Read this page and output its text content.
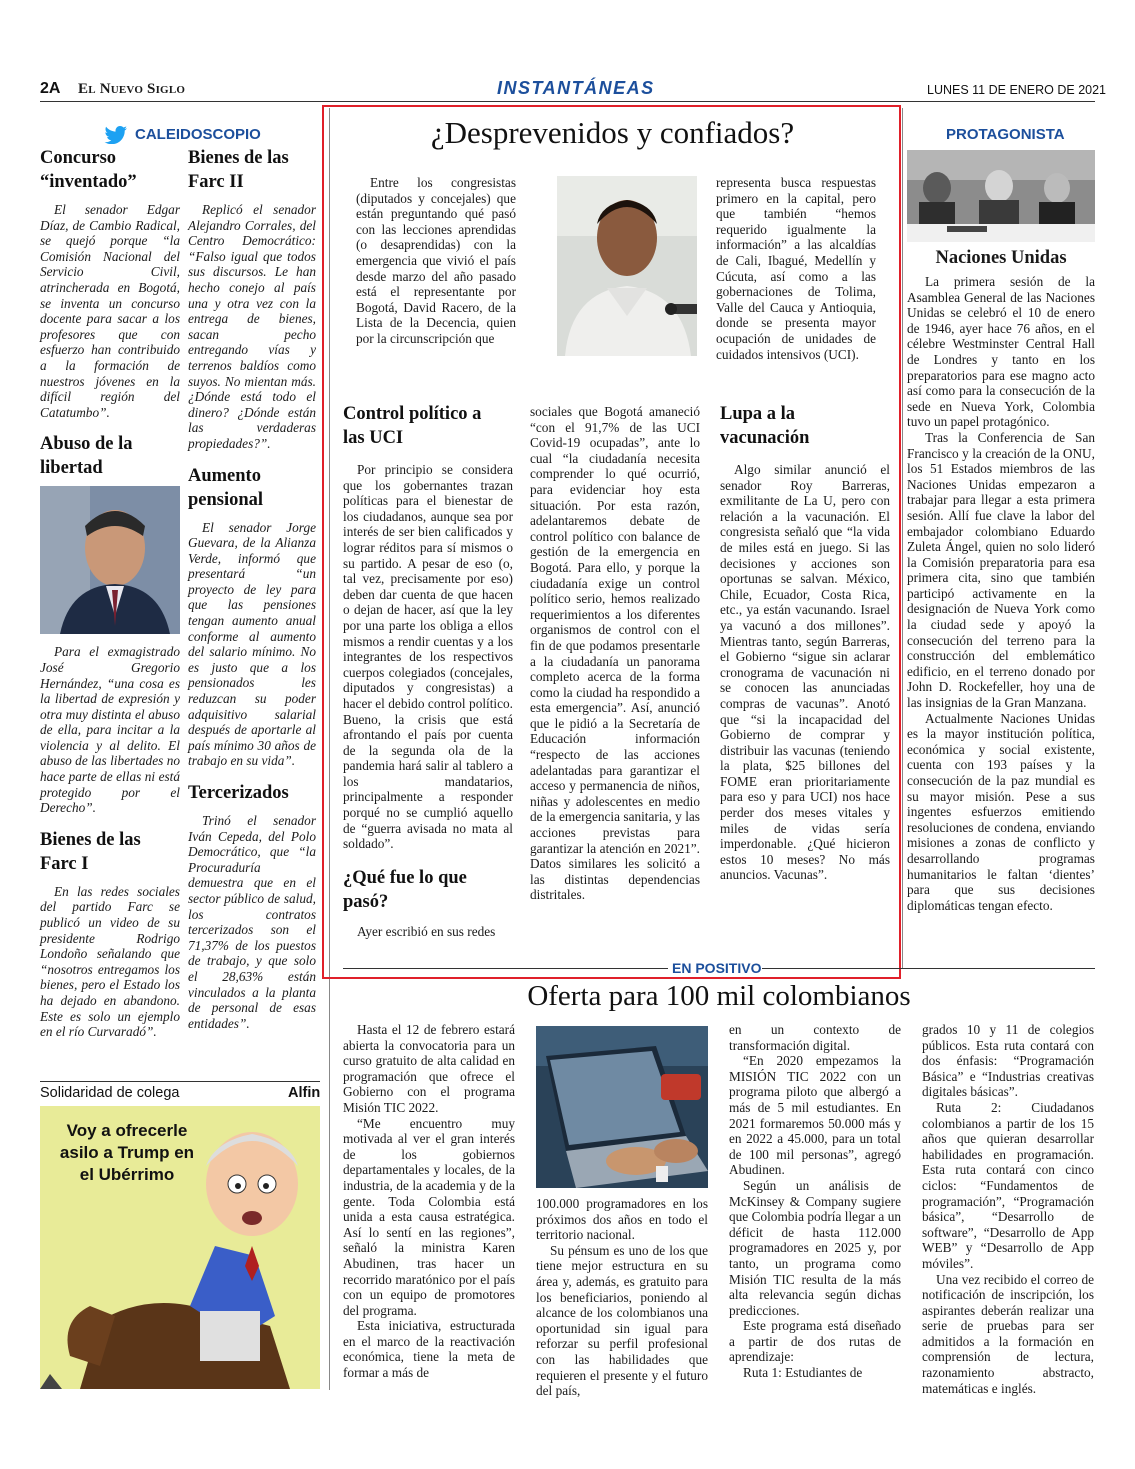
2A El Nuevo Siglo	INSTANTÁNEAS	LUNES 11 DE ENERO DE 2021
CALEIDOSCOPIO
Concurso “inventado”

El senador Edgar Díaz, de Cambio Radical, se quejó porque “la Comisión Nacional del Servicio Civil, atrincherada en Bogotá, se inventa un concurso docente para sacar a los profesores que con esfuerzo han contribuido a la formación de nuestros jóvenes en la difícil región del Catatumbo”.

Abuso de la libertad

Para el exmagistrado José Gregorio Hernández, “una cosa es la libertad de expresión y otra muy distinta el abuso de ella, para incitar a la violencia y al delito. El abuso de las libertades no hace parte de ellas ni está protegido por el Derecho”.

Bienes de las Farc I

En las redes sociales del partido Farc se publicó un video de su presidente Rodrigo Londoño señalando que “nosotros entregamos los bienes, pero el Estado los ha dejado en abandono. Este es solo un ejemplo en el río Curvaradó”.

Bienes de las Farc II

Replicó el senador Alejandro Corrales, del Centro Democrático: “Falso igual que todos sus discursos. Le han hecho conejo al país una y otra vez con la entrega de bienes, sacan pecho entregando vías y terrenos baldíos como suyos. No mientan más. ¿Dónde está todo el dinero? ¿Dónde están las verdaderas propiedades?”.

Aumento pensional

El senador Jorge Guevara, de la Alianza Verde, informó que presentará “un proyecto de ley para que las pensiones tengan aumento anual conforme al aumento del salario mínimo. No es justo que a los pensionados les reduzcan su poder adquisitivo salarial después de aportarle al país mínimo 30 años de trabajo en su vida”.

Tercerizados

Trinó el senador Iván Cepeda, del Polo Democrático, que “la Procuraduría demuestra que en el sector público de salud, los contratos tercerizados son el 71,37% de los puestos de trabajo, y que solo el 28,63% están vinculados a la planta de personal de esas entidades”.

Solidaridad de colega	Alfin
Voy a ofrecerle asilo a Trump en el Ubérrimo
¿Desprevenidos y confiados?

Entre los congresistas (diputados y concejales) que están preguntando qué pasó con las lecciones aprendidas (o desaprendidas) con la emergencia que vivió el país desde marzo del año pasado está el representante por Bogotá, David Racero, de la Lista de la Decencia, quien por la circunscripción que

representa busca respuestas primero en la capital, pero que también “hemos requerido igualmente la información” a las alcaldías de Cali, Ibagué, Medellín y Cúcuta, así como a las gobernaciones de Tolima, Valle del Cauca y Antioquia, donde se presenta mayor ocupación de unidades de cuidados intensivos (UCI).

Control político a las UCI

Por principio se considera que los gobernantes trazan políticas para el bienestar de los ciudadanos, aunque sea por interés de ser bien calificados y lograr réditos para sí mismos o su partido. A pesar de eso (o, tal vez, precisamente por eso) deben dar cuenta de que hacen o dejan de hacer, así que la ley por una parte los obliga a ellos mismos a rendir cuentas y a los integrantes de los respectivos cuerpos colegiados (concejales, diputados y congresistas) a hacer el debido control político. Bueno, la crisis que está afrontando el país por cuenta de la segunda ola de la pandemia hará salir al tablero a los mandatarios, principalmente a responder porqué no se cumplió aquello de “guerra avisada no mata al soldado”.

¿Qué fue lo que pasó?

Ayer escribió en sus redes

sociales que Bogotá amaneció “con el 91,7% de las UCI Covid-19 ocupadas”, ante lo cual “la ciudadanía necesita comprender lo qué ocurrió, para evidenciar hoy esta situación. Por esta razón, adelantaremos debate de control político con balance de gestión de la emergencia en Bogotá. Para ello, y porque la ciudadanía exige un control político serio, hemos realizado requerimientos a los diferentes organismos de control con el fin de que podamos presentarle a la ciudadanía un panorama completo acerca de la forma como la ciudad ha respondido a esta emergencia”. Así, anunció que le pidió a la Secretaría de Educación información “respecto de las acciones adelantadas para garantizar el acceso y permanencia de niños, niñas y adolescentes en medio de la emergencia sanitaria, y las acciones previstas para garantizar la atención en 2021”. Datos similares les solicitó a las distintas dependencias distritales.

Lupa a la vacunación

Algo similar anunció el senador Roy Barreras, exmilitante de La U, pero con relación a la vacunación. El congresista señaló que “la vida de miles está en juego. Si las decisiones y acciones son oportunas se salvan. México, Chile, Ecuador, Costa Rica, etc., ya están vacunando. Israel ya vacunó a dos millones”. Mientras tanto, según Barreras, el Gobierno “sigue sin aclarar cronograma de vacunación ni se conocen las anunciadas compras de vacunas”. Anotó que “si la incapacidad del Gobierno de comprar y distribuir las vacunas (teniendo la plata, $25 billones del FOME eran prioritariamente para eso y para UCI) nos hace perder dos meses vitales y miles de vidas sería imperdonable. ¿Qué hicieron estos 10 meses? No más anuncios. Vacunas”.

PROTAGONISTA
Naciones Unidas

La primera sesión de la Asamblea General de las Naciones Unidas se celebró el 10 de enero de 1946, ayer hace 76 años, en el célebre Westminster Central Hall de Londres y tanto en los preparatorios para ese magno acto así como para la consecución de la sede en Nueva York, Colombia tuvo un papel protagónico.

Tras la Conferencia de San Francisco y la creación de la ONU, los 51 Estados miembros de las Naciones Unidas empezaron a trabajar para llegar a esta primera sesión. Allí fue clave la labor del embajador colombiano Eduardo Zuleta Ángel, quien no solo lideró la Comisión preparatoria para esa primera cita, sino que también participó activamente en la designación de Nueva York como la ciudad sede y apoyó la consecución del terreno para la construcción del emblemático edificio, en el terreno donado por John D. Rockefeller, hoy una de las insignias de la Gran Manzana.

Actualmente Naciones Unidas es la mayor institución política, económica y social existente, cuenta con 193 países y la consecución de la paz mundial es su mayor misión. Pese a sus ingentes esfuerzos emitiendo resoluciones de condena, enviando misiones a zonas de conflicto y desarrollando programas humanitarios le faltan ‘dientes’ para que sus decisiones diplomáticas tengan efecto.

EN POSITIVO
Oferta para 100 mil colombianos

Hasta el 12 de febrero estará abierta la convocatoria para un curso gratuito de alta calidad en programación que ofrece el Gobierno con el programa Misión TIC 2022.

“Me encuentro muy motivada al ver el gran interés de los gobiernos departamentales y locales, de la industria, de la academia y de la gente. Toda Colombia está unida a esta causa estratégica. Así lo sentí en las regiones”, señaló la ministra Karen Abudinen, tras hacer un recorrido maratónico por el país con un equipo de promotores del programa.

Esta iniciativa, estructurada en el marco de la reactivación económica, tiene la meta de formar a más de

100.000 programadores en los próximos dos años en todo el territorio nacional.

Su pénsum es uno de los que tiene mejor estructura en su área y, además, es gratuito para los beneficiarios, poniendo al alcance de los colombianos una oportunidad sin igual para reforzar su perfil profesional con las habilidades que requieren el presente y el futuro del país,

en un contexto de transformación digital.

“En 2020 empezamos la MISIÓN TIC 2022 con un programa piloto que albergó a más de 5 mil estudiantes. En 2021 formaremos 50.000 más y en 2022 a 45.000, para un total de 100 mil personas”, agregó Abudinen.

Según un análisis de McKinsey & Company sugiere que Colombia podría llegar a un déficit de hasta 112.000 programadores en 2025 y, por tanto, un programa como Misión TIC resulta de la más alta relevancia según dichas predicciones.

Este programa está diseñado a partir de dos rutas de aprendizaje:

Ruta 1: Estudiantes de

grados 10 y 11 de colegios públicos. Esta ruta contará con dos énfasis: “Programación Básica” e “Industrias creativas digitales básicas”.

Ruta 2: Ciudadanos colombianos a partir de los 15 años que quieran desarrollar habilidades en programación. Esta ruta contará con cinco ciclos: “Fundamentos de programación”, “Programación básica”, “Desarrollo de software”, “Desarrollo de App WEB” y “Desarrollo de App móviles”.

Una vez recibido el correo de notificación de inscripción, los aspirantes deberán realizar una serie de pruebas para ser admitidos a la formación en comprensión de lectura, razonamiento abstracto, matemáticas e inglés.
